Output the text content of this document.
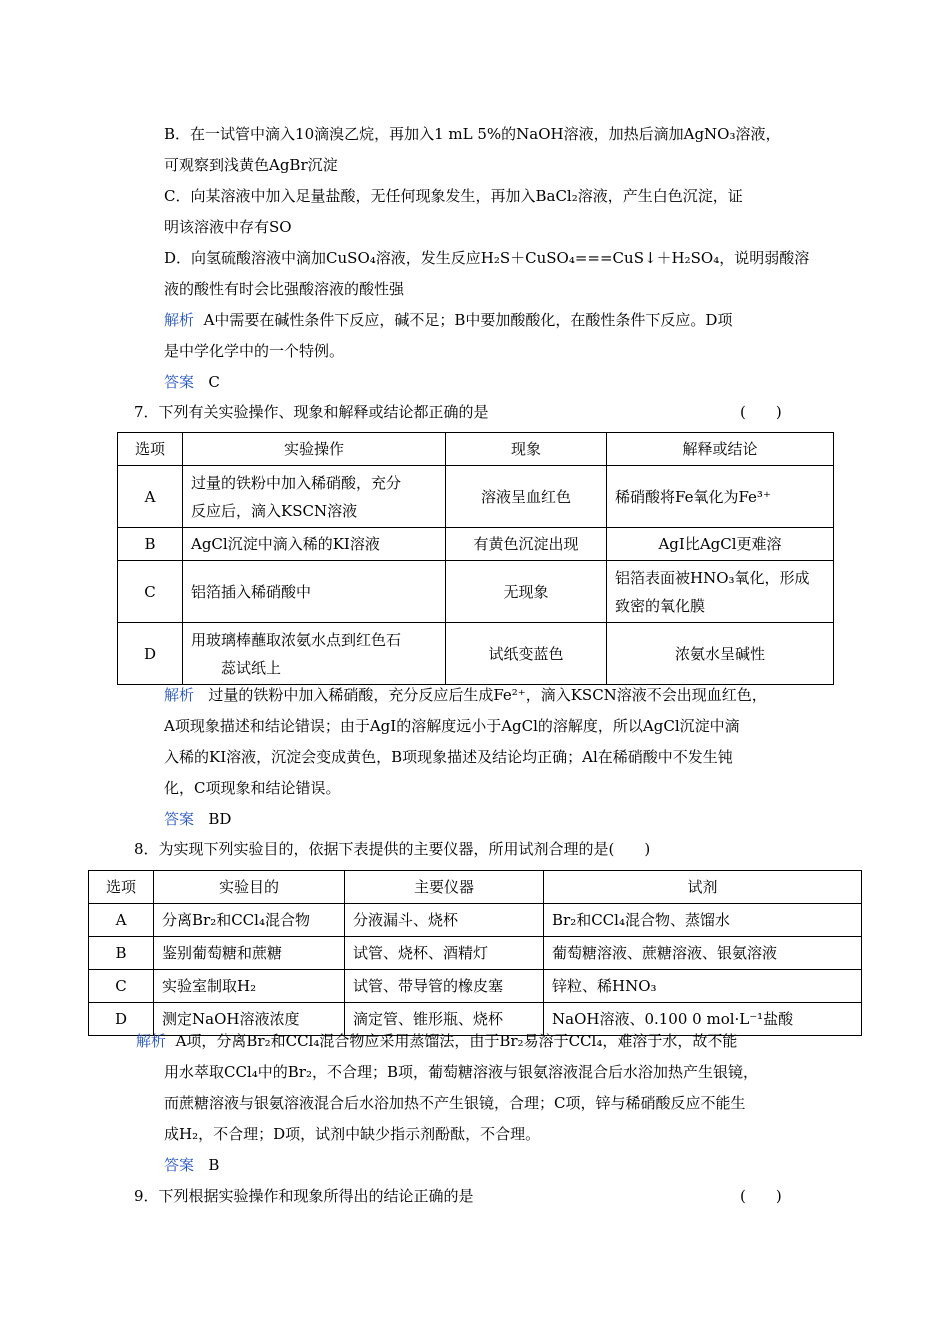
B．在一试管中滴入10滴溴乙烷，再加入1 mL 5%的NaOH溶液，加热后滴加AgNO₃溶液，
可观察到浅黄色AgBr沉淀
C．向某溶液中加入足量盐酸，无任何现象发生，再加入BaCl₂溶液，产生白色沉淀，证
明该溶液中存有SO
D．向氢硫酸溶液中滴加CuSO₄溶液，发生反应H₂S＋CuSO₄===CuS↓＋H₂SO₄，说明弱酸溶
液的酸性有时会比强酸溶液的酸性强
解析 A中需要在碱性条件下反应，碱不足；B中要加酸酸化，在酸性条件下反应。D项
是中学化学中的一个特例。
答案 C
7．下列有关实验操作、现象和解释或结论都正确的是	(　　)
选项	实验操作	现象	解释或结论
A	过量的铁粉中加入稀硝酸，充分
反应后，滴入KSCN溶液	溶液呈血红色	稀硝酸将Fe氧化为Fe³⁺
B	AgCl沉淀中滴入稀的KI溶液	有黄色沉淀出现	AgI比AgCl更难溶
C	铝箔插入稀硝酸中	无现象	铝箔表面被HNO₃氧化，形成
致密的氧化膜

D	用玻璃棒蘸取浓氨水点到红色石
蕊试纸上	试纸变蓝色	浓氨水呈碱性
解析 过量的铁粉中加入稀硝酸，充分反应后生成Fe²⁺，滴入KSCN溶液不会出现血红色，
A项现象描述和结论错误；由于AgI的溶解度远小于AgCl的溶解度，所以AgCl沉淀中滴
入稀的KI溶液，沉淀会变成黄色，B项现象描述及结论均正确；Al在稀硝酸中不发生钝
化，C项现象和结论错误。
答案 BD
8．为实现下列实验目的，依据下表提供的主要仪器，所用试剂合理的是(　　)
选项	实验目的	主要仪器	试剂
A	分离Br₂和CCl₄混合物	分液漏斗、烧杯	Br₂和CCl₄混合物、蒸馏水
B	鉴别葡萄糖和蔗糖	试管、烧杯、酒精灯	葡萄糖溶液、蔗糖溶液、银氨溶液
C	实验室制取H₂	试管、带导管的橡皮塞	锌粒、稀HNO₃
D	测定NaOH溶液浓度	滴定管、锥形瓶、烧杯	NaOH溶液、0.100 0 mol·L⁻¹盐酸
解析 A项，分离Br₂和CCl₄混合物应采用蒸馏法，由于Br₂易溶于CCl₄，难溶于水，故不能
用水萃取CCl₄中的Br₂，不合理；B项，葡萄糖溶液与银氨溶液混合后水浴加热产生银镜，
而蔗糖溶液与银氨溶液混合后水浴加热不产生银镜，合理；C项，锌与稀硝酸反应不能生
成H₂，不合理；D项，试剂中缺少指示剂酚酞，不合理。
答案 B
9．下列根据实验操作和现象所得出的结论正确的是	(　　)
